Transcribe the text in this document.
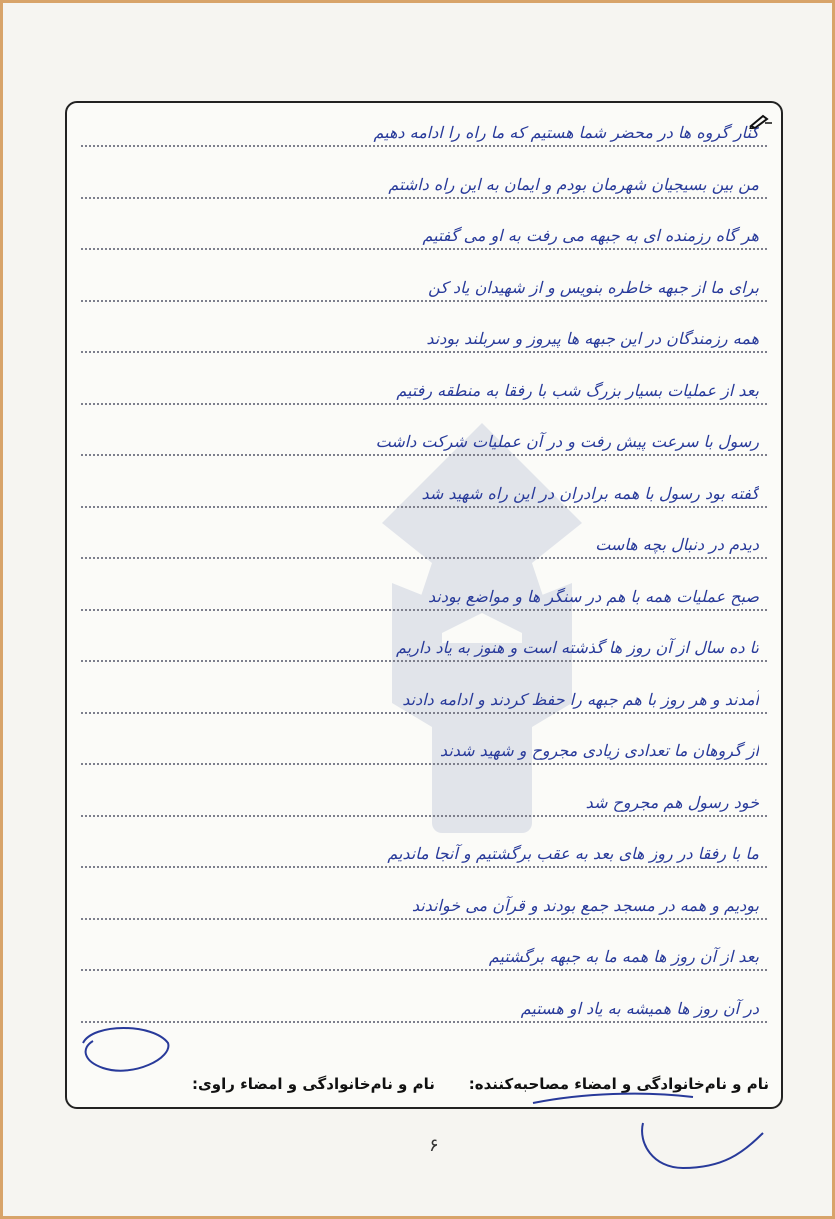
کنار گروه ها در محضر شما هستیم که ما راه را ادامه دهیم
من بین بسیجیان شهرمان بودم و ایمان به این راه داشتم
هر گاه رزمنده ای به جبهه می رفت به او می گفتیم
برای ما از جبهه خاطره بنویس و از شهیدان یاد کن
همه رزمندگان در این جبهه ها پیروز و سربلند بودند
بعد از عملیات بسیار بزرگ شب با رفقا به منطقه رفتیم
رسول با سرعت پیش رفت و در آن عملیات شرکت داشت
گفته بود رسول با همه برادران در این راه شهید شد
دیدم در دنبال بچه هاست
صبح عملیات همه با هم در سنگر ها و مواضع بودند
تا ده سال از آن روز ها گذشته است و هنوز به یاد داریم
آمدند و هر روز با هم جبهه را حفظ کردند و ادامه دادند
از گروهان ما تعدادی زیادی مجروح و شهید شدند
خود رسول هم مجروح شد
ما با رفقا در روز های بعد به عقب برگشتیم و آنجا ماندیم
بودیم و همه در مسجد جمع بودند و قرآن می خواندند
بعد از آن روز ها همه ما به جبهه برگشتیم
در آن روز ها همیشه به یاد او هستیم
نام و نام‌خانوادگی و امضاء مصاحبه‌کننده:
نام و نام‌خانوادگی و امضاء راوی:
۶
